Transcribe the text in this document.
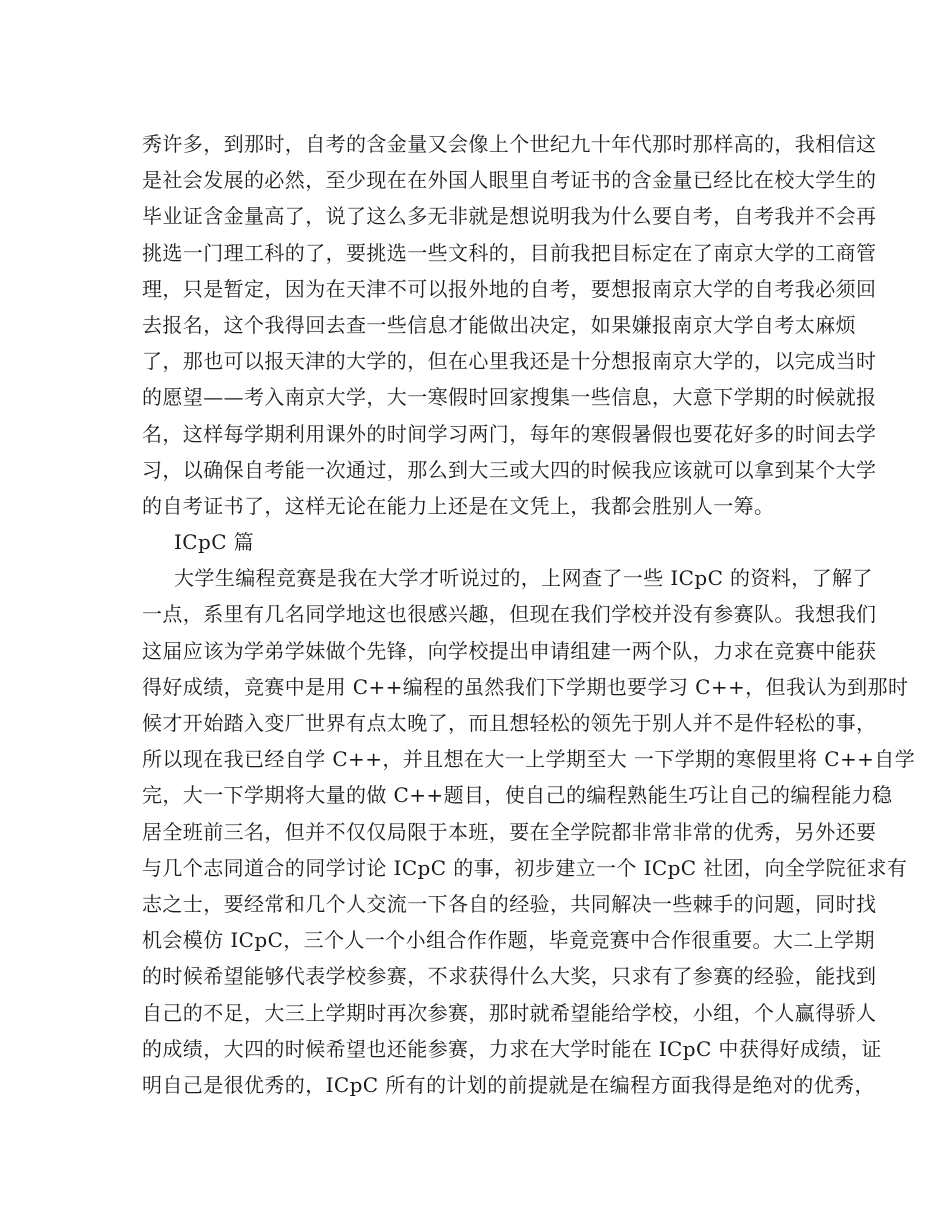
秀许多，到那时，自考的含金量又会像上个世纪九十年代那时那样高的，我相信这
是社会发展的必然，至少现在在外国人眼里自考证书的含金量已经比在校大学生的
毕业证含金量高了，说了这么多无非就是想说明我为什么要自考，自考我并不会再
挑选一门理工科的了，要挑选一些文科的，目前我把目标定在了南京大学的工商管
理，只是暂定，因为在天津不可以报外地的自考，要想报南京大学的自考我必须回
去报名，这个我得回去查一些信息才能做出决定，如果嫌报南京大学自考太麻烦
了，那也可以报天津的大学的，但在心里我还是十分想报南京大学的，以完成当时
的愿望——考入南京大学，大一寒假时回家搜集一些信息，大意下学期的时候就报
名，这样每学期利用课外的时间学习两门，每年的寒假暑假也要花好多的时间去学
习，以确保自考能一次通过，那么到大三或大四的时候我应该就可以拿到某个大学
的自考证书了，这样无论在能力上还是在文凭上，我都会胜别人一筹。
ICpC 篇
大学生编程竞赛是我在大学才听说过的，上网查了一些 ICpC 的资料，了解了
一点，系里有几名同学地这也很感兴趣，但现在我们学校并没有参赛队。我想我们
这届应该为学弟学妹做个先锋，向学校提出申请组建一两个队，力求在竞赛中能获
得好成绩，竞赛中是用 C++编程的虽然我们下学期也要学习 C++，但我认为到那时
候才开始踏入变厂世界有点太晚了，而且想轻松的领先于别人并不是件轻松的事，
所以现在我已经自学 C++，并且想在大一上学期至大 一下学期的寒假里将 C++自学
完，大一下学期将大量的做 C++题目，使自己的编程熟能生巧让自己的编程能力稳
居全班前三名，但并不仅仅局限于本班，要在全学院都非常非常的优秀，另外还要
与几个志同道合的同学讨论 ICpC 的事，初步建立一个 ICpC 社团，向全学院征求有
志之士，要经常和几个人交流一下各自的经验，共同解决一些棘手的问题，同时找
机会模仿 ICpC，三个人一个小组合作作题，毕竟竞赛中合作很重要。大二上学期
的时候希望能够代表学校参赛，不求获得什么大奖，只求有了参赛的经验，能找到
自己的不足，大三上学期时再次参赛，那时就希望能给学校，小组，个人赢得骄人
的成绩，大四的时候希望也还能参赛，力求在大学时能在 ICpC 中获得好成绩，证
明自己是很优秀的，ICpC 所有的计划的前提就是在编程方面我得是绝对的优秀，
